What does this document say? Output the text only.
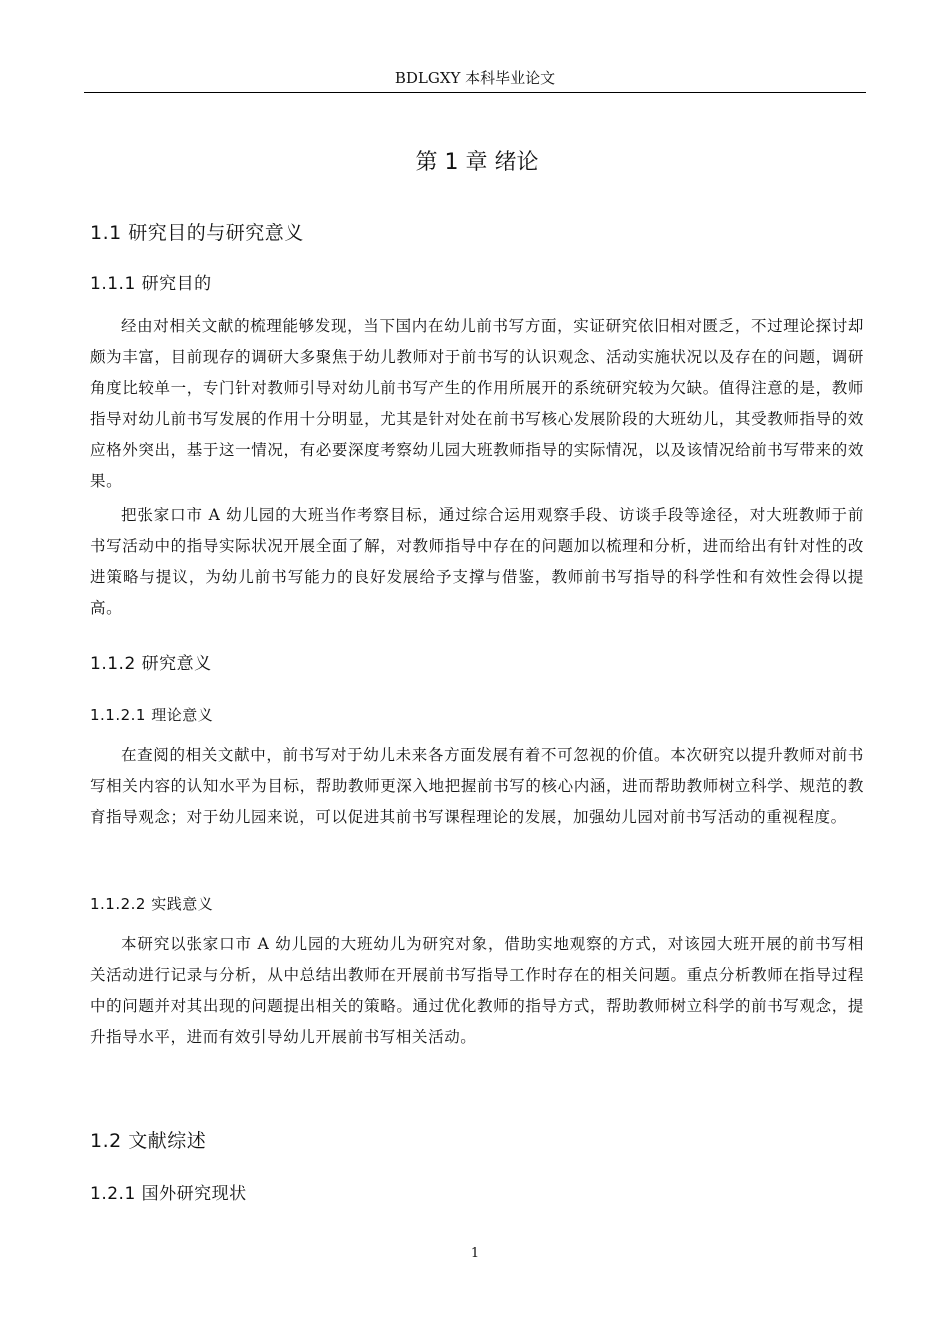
BDLGXY 本科毕业论文
第 1 章 绪论
1.1 研究目的与研究意义
1.1.1 研究目的

经由对相关文献的梳理能够发现，当下国内在幼儿前书写方面，实证研究依旧相对匮乏，不过理论探讨却颇为丰富，目前现存的调研大多聚焦于幼儿教师对于前书写的认识观念、活动实施状况以及存在的问题，调研角度比较单一，专门针对教师引导对幼儿前书写产生的作用所展开的系统研究较为欠缺。值得注意的是，教师指导对幼儿前书写发展的作用十分明显，尤其是针对处在前书写核心发展阶段的大班幼儿，其受教师指导的效应格外突出，基于这一情况，有必要深度考察幼儿园大班教师指导的实际情况，以及该情况给前书写带来的效果。

把张家口市 A 幼儿园的大班当作考察目标，通过综合运用观察手段、访谈手段等途径，对大班教师于前书写活动中的指导实际状况开展全面了解，对教师指导中存在的问题加以梳理和分析，进而给出有针对性的改进策略与提议，为幼儿前书写能力的良好发展给予支撑与借鉴，教师前书写指导的科学性和有效性会得以提高。

1.1.2 研究意义
1.1.2.1 理论意义

在查阅的相关文献中，前书写对于幼儿未来各方面发展有着不可忽视的价值。本次研究以提升教师对前书写相关内容的认知水平为目标，帮助教师更深入地把握前书写的核心内涵，进而帮助教师树立科学、规范的教育指导观念；对于幼儿园来说，可以促进其前书写课程理论的发展，加强幼儿园对前书写活动的重视程度。

1.1.2.2 实践意义

本研究以张家口市 A 幼儿园的大班幼儿为研究对象，借助实地观察的方式，对该园大班开展的前书写相关活动进行记录与分析，从中总结出教师在开展前书写指导工作时存在的相关问题。重点分析教师在指导过程中的问题并对其出现的问题提出相关的策略。通过优化教师的指导方式，帮助教师树立科学的前书写观念，提升指导水平，进而有效引导幼儿开展前书写相关活动。

1.2 文献综述
1.2.1 国外研究现状
1
